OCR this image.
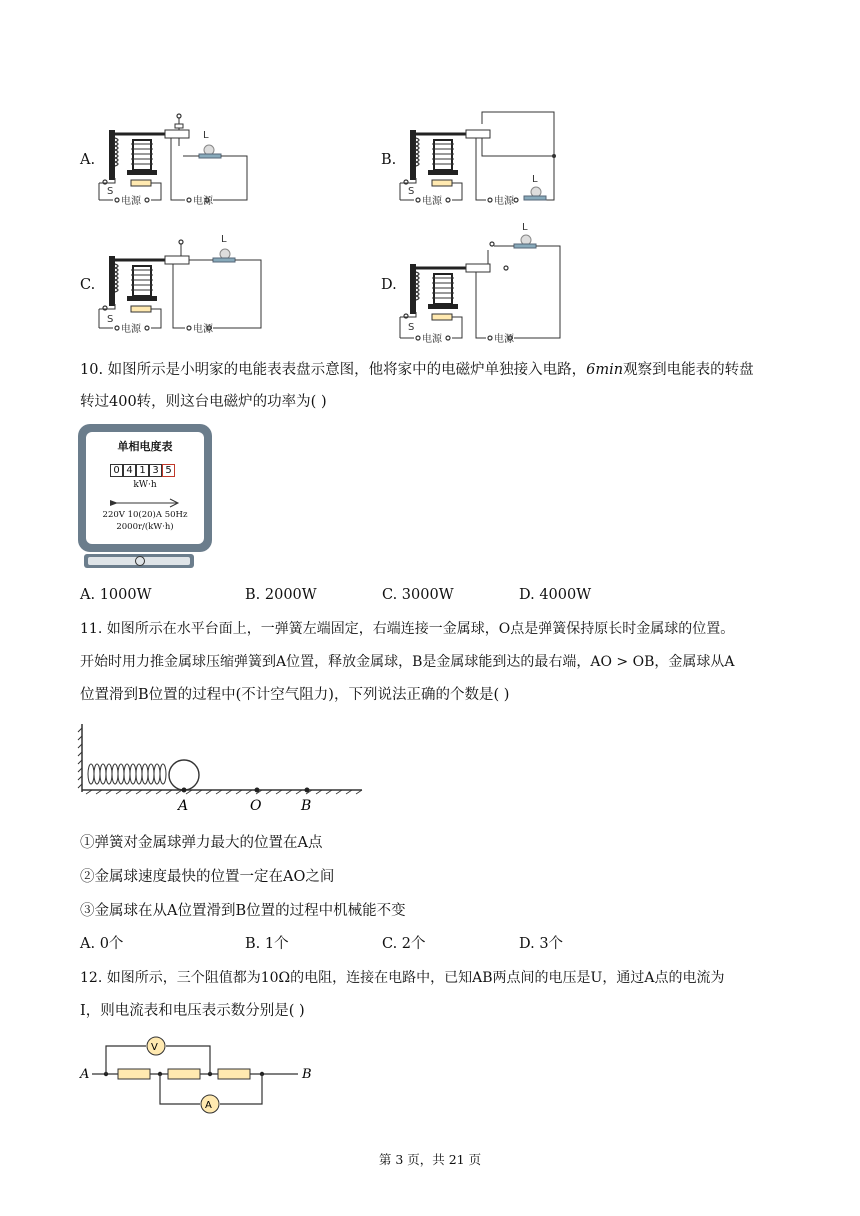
A.	B.
C.	D.
L
电源
S
电源
L
电源
S
电源
L
电源
S
电源
L
电源
S
电源
10. 如图所示是小明家的电能表表盘示意图，他将家中的电磁炉单独接入电路，6min观察到电能表的转盘
转过400转，则这台电磁炉的功率为( )
单相电度表
0 4 1 3 5
kW·h
220V 10(20)A 50Hz
2000r/(kW·h)
A. 1000W	B. 2000W	C. 3000W	D. 4000W
11. 如图所示在水平台面上，一弹簧左端固定，右端连接一金属球，O点是弹簧保持原长时金属球的位置。
开始时用力推金属球压缩弹簧到A位置，释放金属球，B是金属球能到达的最右端，AO > OB，金属球从A
位置滑到B位置的过程中(不计空气阻力)，下列说法正确的个数是( )
A	O	B
①弹簧对金属球弹力最大的位置在A点
②金属球速度最快的位置一定在AO之间
③金属球在从A位置滑到B位置的过程中机械能不变
A. 0个	B. 1个	C. 2个	D. 3个
12. 如图所示，三个阻值都为10Ω的电阻，连接在电路中，已知AB两点间的电压是U，通过A点的电流为
I，则电流表和电压表示数分别是( )
A	B
V
A
第 3 页，共 21 页
